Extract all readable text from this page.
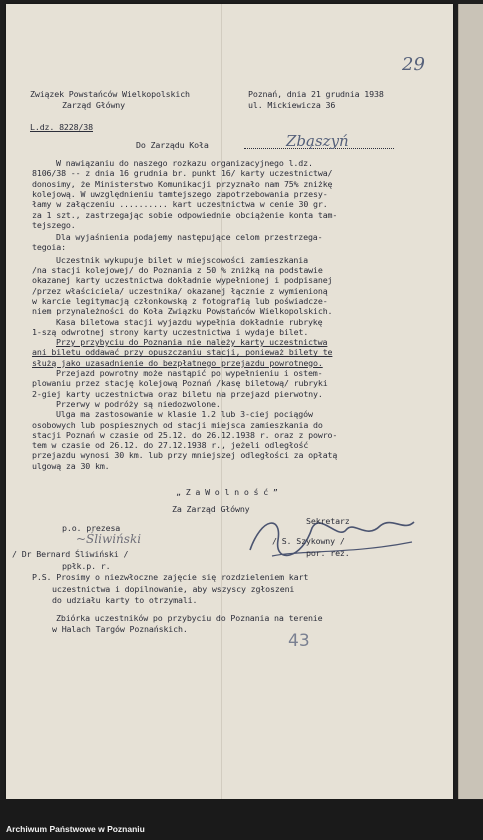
29
Związek Powstańców Wielkopolskich
Zarząd Główny
Poznań, dnia 21 grudnia 1938
ul. Mickiewicza 36
L.dz. 8228/38
Do Zarządu Koła	Zbąszyń
W nawiązaniu do naszego rozkazu organizacyjnego l.dz.
8106/38 -- z dnia 16 grudnia br. punkt 16/ karty uczestnictwa/
donosimy, że Ministerstwo Komunikacji przyznało nam 75% zniżkę
kolejową. W uwzględnieniu tamtejszego zapotrzebowania przesy-
łamy w załączeniu .......... kart uczestnictwa w cenie 30 gr.
za 1 szt., zastrzegając sobie odpowiednie obciążenie konta tam-
tejszego.
Dla wyjaśnienia podajemy następujące celom przestrzega-
tegoia:
Uczestnik wykupuje bilet w miejscowości zamieszkania
/na stacji kolejowej/ do Poznania z 50 % zniżką na podstawie
okazanej karty uczestnictwa dokładnie wypełnionej i podpisanej
/przez właściciela/ uczestnika/ okazanej łącznie z wymienioną
w karcie legitymacją członkowską z fotografią lub poświadcze-
niem przynależności do Koła Związku Powstańców Wielkopolskich.
Kasa biletowa stacji wyjazdu wypełnia dokładnie rubrykę
1-szą odwrotnej strony karty uczestnictwa i wydaje bilet.
Przy przybyciu do Poznania nie należy karty uczestnictwa
ani biletu oddawać przy opuszczaniu stacji, ponieważ bilety te
służą jako uzasadnienie do bezpłatnego przejazdu powrotnego.
Przejazd powrotny może nastąpić po wypełnieniu i ostem-
plowaniu przez stację kolejową Poznań /kasę biletową/ rubryki
2-giej karty uczestnictwa oraz biletu na przejazd pierwotny.
Przerwy w podróży są niedozwolone.
Ulga ma zastosowanie w klasie 1.2 lub 3-ciej pociągów
osobowych lub pospiesznych od stacji miejsca zamieszkania do
stacji Poznań w czasie od 25.12. do 26.12.1938 r. oraz z powro-
tem w czasie od 26.12. do 27.12.1938 r., jeżeli odległość
przejazdu wynosi 30 km. lub przy mniejszej odległości za opłatą
ulgową za 30 km.
„ Z a W o l n o ś ć ”
Za Zarząd Główny
p.o. prezesa
~Śliwiński
/ Dr Bernard Śliwiński /
ppłk.p. r.
Sekretarz
/ S. Szykowny /
por. rez.
P.S. Prosimy o niezwłoczne zajęcie się rozdzieleniem kart
uczestnictwa i dopilnowanie, aby wszyscy zgłoszeni
do udziału karty to otrzymali.
Zbiórka uczestników po przybyciu do Poznania na terenie
w Halach Targów Poznańskich.
43
Archiwum Państwowe w Poznaniu
